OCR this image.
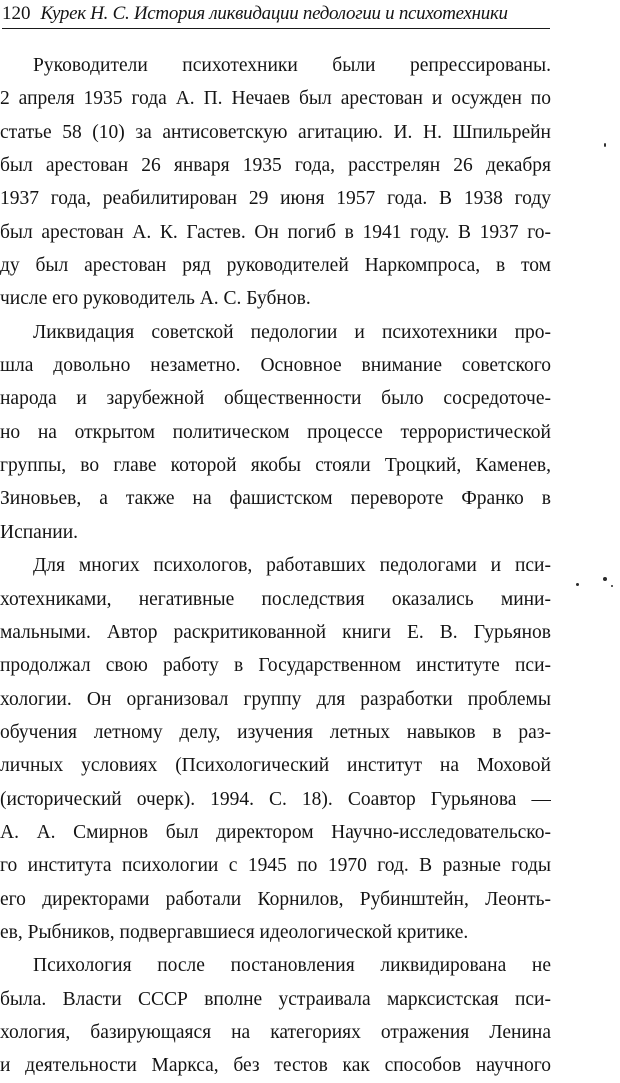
120 Курек Н. С. История ликвидации педологии и психотехники
Руководители психотехники были репрессированы.
2 апреля 1935 года А. П. Нечаев был арестован и осужден по
статье 58 (10) за антисоветскую агитацию. И. Н. Шпильрейн
был арестован 26 января 1935 года, расстрелян 26 декабря
1937 года, реабилитирован 29 июня 1957 года. В 1938 году
был арестован А. К. Гастев. Он погиб в 1941 году. В 1937 го-
ду был арестован ряд руководителей Наркомпроса, в том
числе его руководитель А. С. Бубнов.
Ликвидация советской педологии и психотехники про-
шла довольно незаметно. Основное внимание советского
народа и зарубежной общественности было сосредоточе-
но на открытом политическом процессе террористической
группы, во главе которой якобы стояли Троцкий, Каменев,
Зиновьев, а также на фашистском перевороте Франко в
Испании.
Для многих психологов, работавших педологами и пси-
хотехниками, негативные последствия оказались мини-
мальными. Автор раскритикованной книги Е. В. Гурьянов
продолжал свою работу в Государственном институте пси-
хологии. Он организовал группу для разработки проблемы
обучения летному делу, изучения летных навыков в раз-
личных условиях (Психологический институт на Моховой
(исторический очерк). 1994. С. 18). Соавтор Гурьянова —
А. А. Смирнов был директором Научно-исследовательско-
го института психологии с 1945 по 1970 год. В разные годы
его директорами работали Корнилов, Рубинштейн, Леонть-
ев, Рыбников, подвергавшиеся идеологической критике.
Психология после постановления ликвидирована не
была. Власти СССР вполне устраивала марксистская пси-
хология, базирующаяся на категориях отражения Ленина
и деятельности Маркса, без тестов как способов научного
